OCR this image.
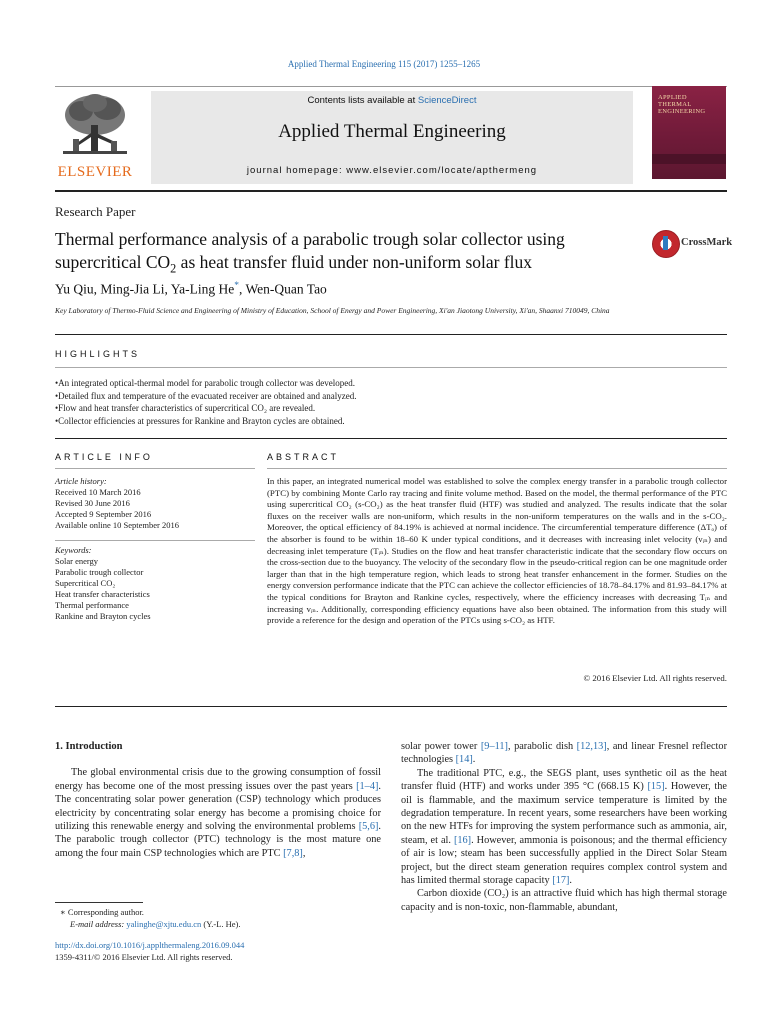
Applied Thermal Engineering 115 (2017) 1255–1265
ELSEVIER
Contents lists available at ScienceDirect
Applied Thermal Engineering
journal homepage: www.elsevier.com/locate/apthermeng
APPLIED
THERMAL
ENGINEERING
Research Paper
Thermal performance analysis of a parabolic trough solar collector using
supercritical $CO_2$ as heat transfer fluid under non-uniform solar flux
CrossMark
Yu Qiu, Ming-Jia Li, Ya-Ling He*, Wen-Quan Tao
Key Laboratory of Thermo-Fluid Science and Engineering of Ministry of Education, School of Energy and Power Engineering, Xi'an Jiaotong University, Xi'an, Shaanxi 710049, China
HIGHLIGHTS
• An integrated optical-thermal model for parabolic trough collector was developed.
• Detailed flux and temperature of the evacuated receiver are obtained and analyzed.
• Flow and heat transfer characteristics of supercritical CO₂ are revealed.
• Collector efficiencies at pressures for Rankine and Brayton cycles are obtained.
ARTICLE INFO	ABSTRACT
Article history:
Received 10 March 2016
Revised 30 June 2016
Accepted 9 September 2016
Available online 10 September 2016
Keywords:
Solar energy
Parabolic trough collector
Supercritical CO₂
Heat transfer characteristics
Thermal performance
Rankine and Brayton cycles
In this paper, an integrated numerical model was established to solve the complex energy transfer in a parabolic trough collector (PTC) by combining Monte Carlo ray tracing and finite volume method. Based on the model, the thermal performance of the PTC using supercritical CO₂ (s-CO₂) as the heat transfer fluid (HTF) was studied and analyzed. The results indicate that the solar fluxes on the receiver walls are non-uniform, which results in the non-uniform temperatures on the walls and in the s-CO₂. Moreover, the optical efficiency of 84.19% is achieved at normal incidence. The circumferential temperature difference (ΔTₒ) of the absorber is found to be within 18–60 K under typical conditions, and it decreases with increasing inlet velocity (vᵢₙ) and decreasing inlet temperature (Tᵢₙ). Studies on the flow and heat transfer characteristic indicate that the secondary flow occurs on the cross-section due to the buoyancy. The velocity of the secondary flow in the pseudo-critical region can be one magnitude order larger than that in the high temperature region, which leads to strong heat transfer enhancement in the former. Studies on the energy conversion performance indicate that the PTC can achieve the collector efficiencies of 18.78–84.17% and 81.93–84.17% at the typical conditions for Brayton and Rankine cycles, respectively, where the efficiency increases with decreasing Tᵢₙ and increasing vᵢₙ. Additionally, corresponding efficiency equations have also been obtained. The information from this study will provide a reference for the design and operation of the PTCs using s-CO₂ as HTF.
© 2016 Elsevier Ltd. All rights reserved.
1. Introduction

The global environmental crisis due to the growing consumption of fossil energy has become one of the most pressing issues over the past years [1–4]. The concentrating solar power generation (CSP) technology which produces electricity by concentrating solar energy has become a promising choice for utilizing this renewable energy and solving the environmental problems [5,6]. The parabolic trough collector (PTC) technology is the most mature one among the four main CSP technologies which are PTC [7,8],

solar power tower [9–11], parabolic dish [12,13], and linear Fresnel reflector technologies [14].

The traditional PTC, e.g., the SEGS plant, uses synthetic oil as the heat transfer fluid (HTF) and works under 395 °C (668.15 K) [15]. However, the oil is flammable, and the maximum service temperature is limited by the degradation temperature. In recent years, some researchers have been working on the new HTFs for improving the system performance such as ammonia, air, steam, et al. [16]. However, ammonia is poisonous; and the thermal efficiency of air is low; steam has been successfully applied in the Direct Solar Steam project, but the direct steam generation requires complex control system and has limited thermal storage capacity [17].

Carbon dioxide (CO₂) is an attractive fluid which has high thermal storage capacity and is non-toxic, non-flammable, abundant,

∗ Corresponding author.
E-mail address: yalinghe@xjtu.edu.cn (Y.-L. He).
http://dx.doi.org/10.1016/j.applthermaleng.2016.09.044
1359-4311/© 2016 Elsevier Ltd. All rights reserved.
